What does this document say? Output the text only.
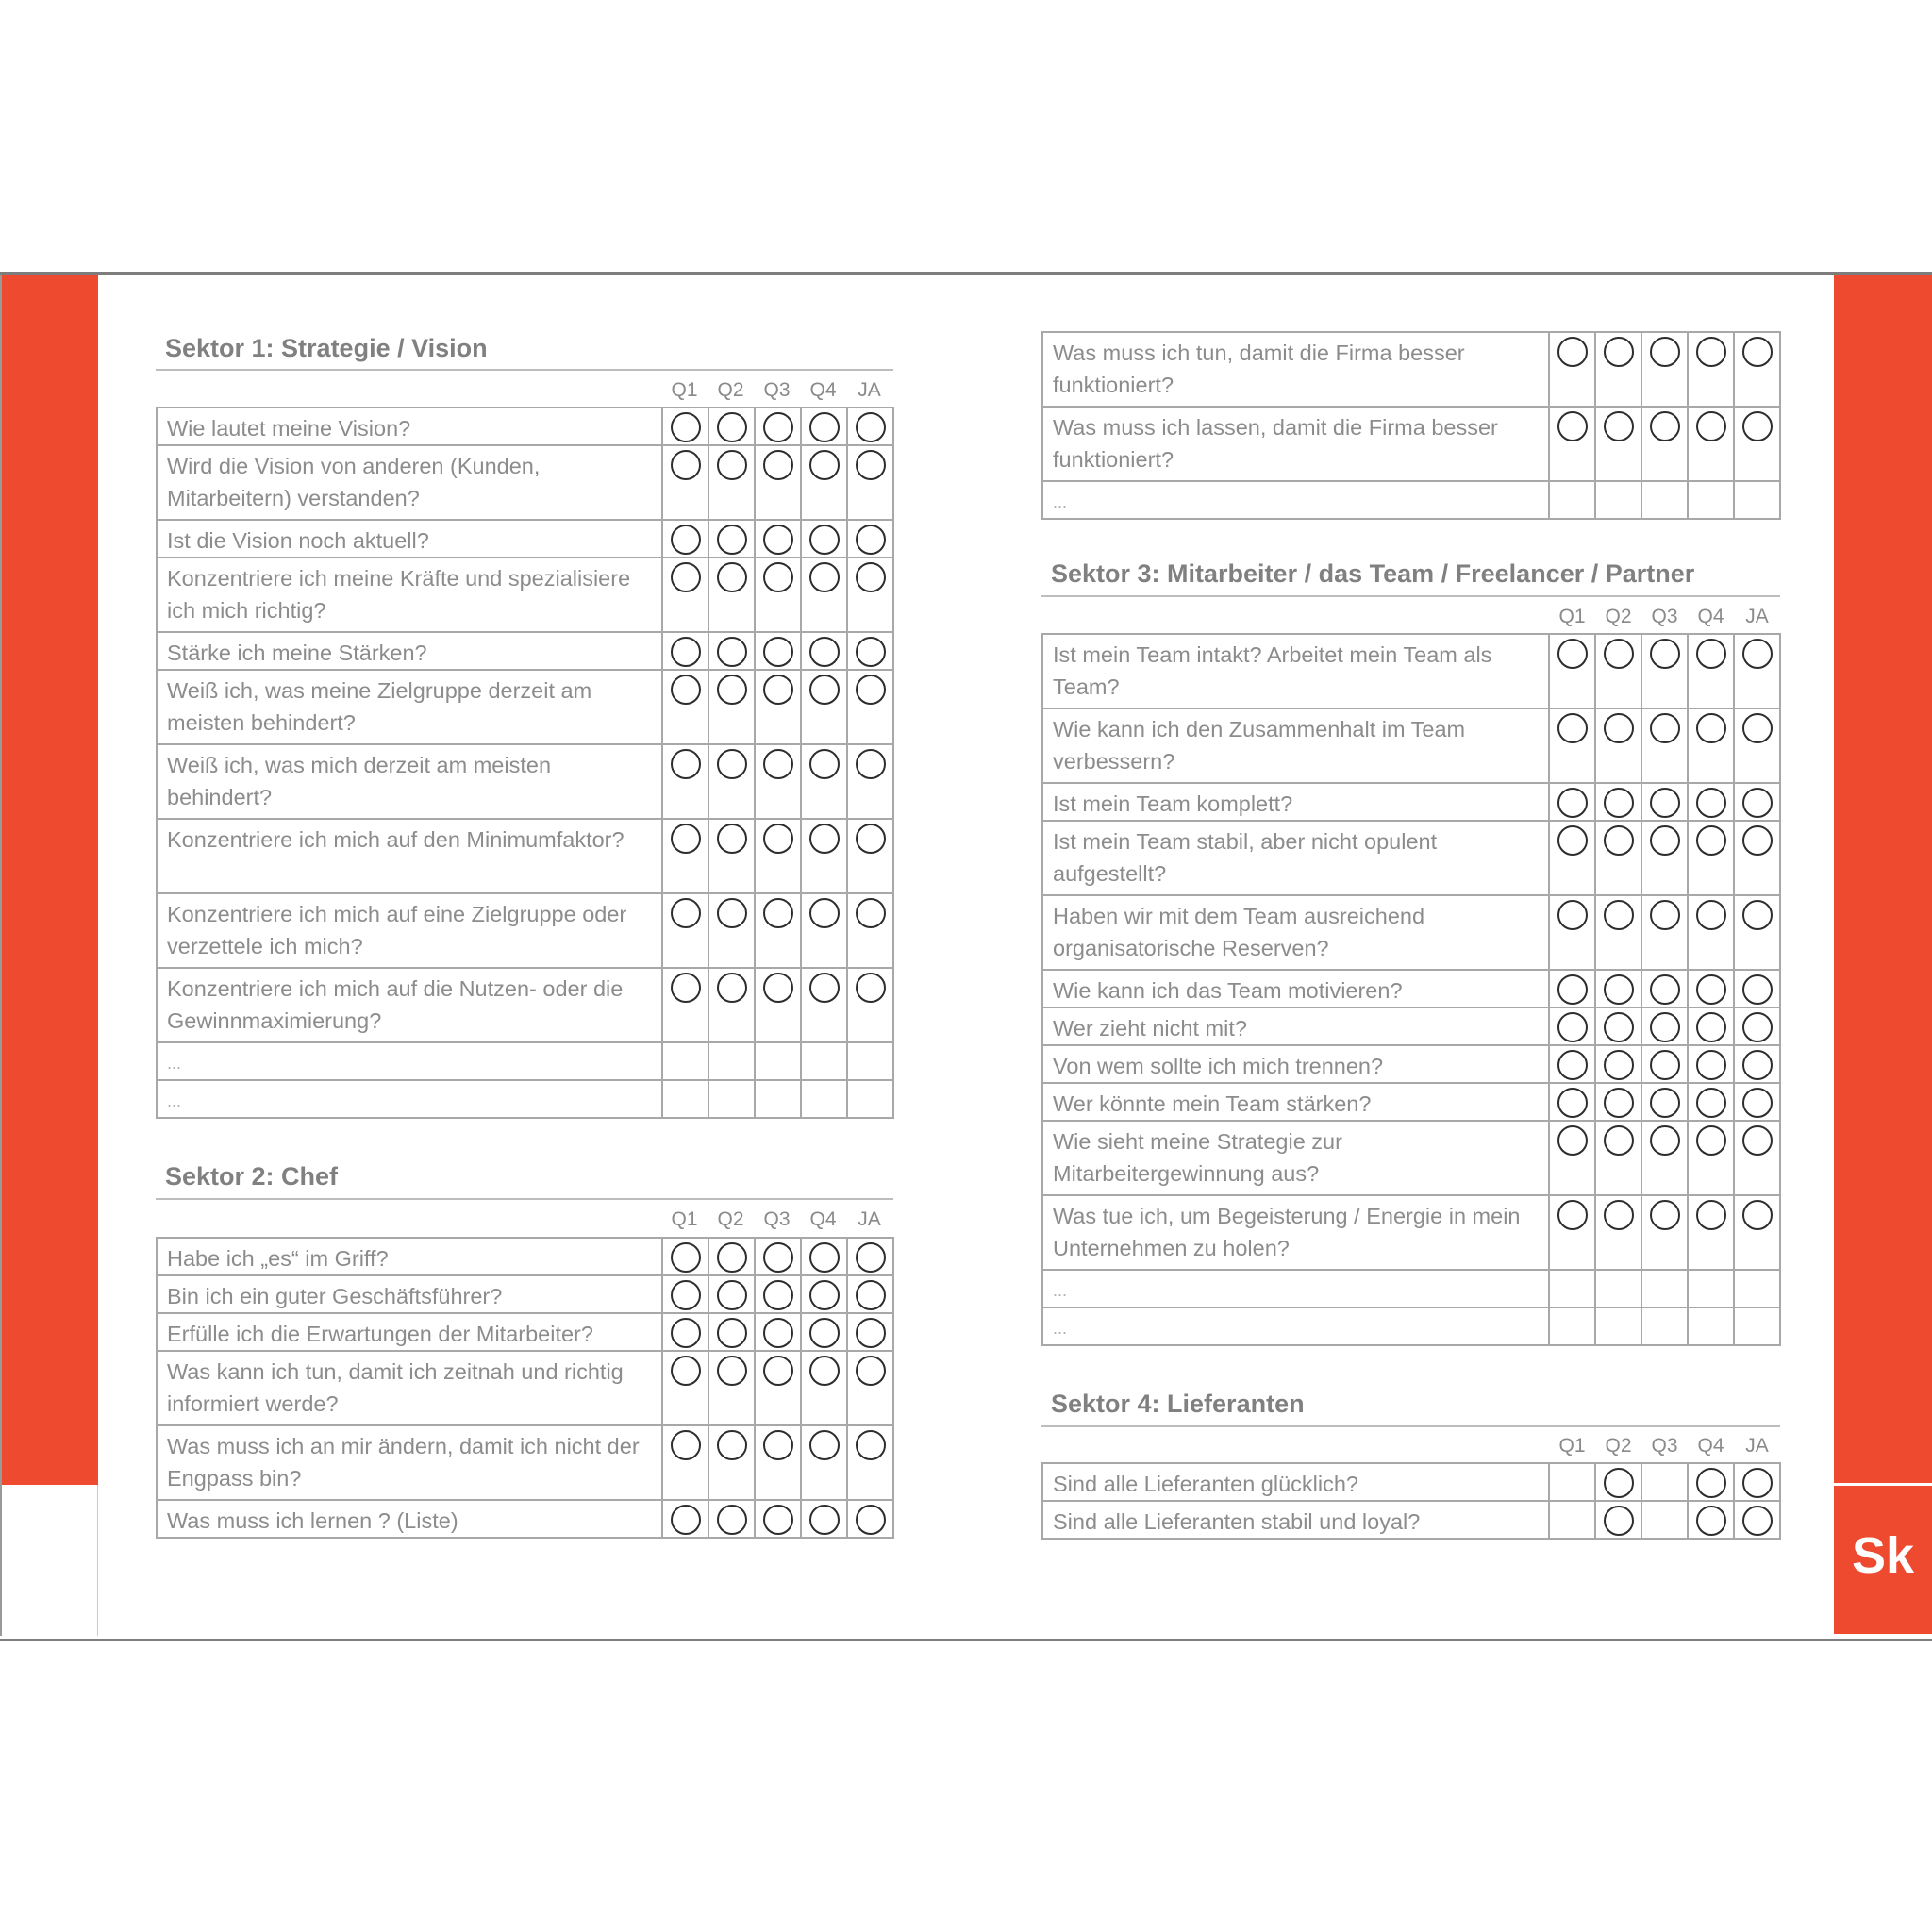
Sk
Sektor 1: Strategie / Vision
Q1 Q2 Q3 Q4	JA
Wie lautet meine Vision?	

Wird die Vision von anderen (Kunden, Mitarbeitern) verstanden?	

Ist die Vision noch aktuell?	

Konzentriere ich meine Kräfte und spezialisiere ich mich richtig?	

Stärke ich meine Stärken?	

Weiß ich, was meine Zielgruppe derzeit am meisten behindert?	

Weiß ich, was mich derzeit am meisten behindert?	

Konzentriere ich mich auf den Minimumfaktor?	

Konzentriere ich mich auf eine Zielgruppe oder verzettele ich mich?	

Konzentriere ich mich auf die Nutzen- oder die Gewinnmaximierung?	

...					
...					
Sektor 2: Chef
Q1 Q2 Q3 Q4	JA
Habe ich „es“ im Griff?	

Bin ich ein guter Geschäftsführer?	

Erfülle ich die Erwartungen der Mitarbeiter?	

Was kann ich tun, damit ich zeitnah und richtig informiert werde?	

Was muss ich an mir ändern, damit ich nicht der Engpass bin?	

Was muss ich lernen ? (Liste)	

Was muss ich tun, damit die Firma besser funktioniert?	

Was muss ich lassen, damit die Firma besser funktioniert?	

...					
Sektor 3: Mitarbeiter / das Team / Freelancer / Partner
Q1 Q2 Q3 Q4	JA
Ist mein Team intakt? Arbeitet mein Team als Team?	

Wie kann ich den Zusammenhalt im Team verbessern?	

Ist mein Team komplett?	

Ist mein Team stabil, aber nicht opulent aufgestellt?	

Haben wir mit dem Team ausreichend organisatorische Reserven?	

Wie kann ich das Team motivieren?	

Wer zieht nicht mit?	

Von wem sollte ich mich trennen?	

Wer könnte mein Team stärken?	

Wie sieht meine Strategie zur Mitarbeitergewinnung aus?	

Was tue ich, um Begeisterung / Energie in mein Unternehmen zu holen?	

...					
...					
Sektor 4: Lieferanten
Q1 Q2 Q3 Q4	JA
Sind alle Lieferanten glücklich?		

Sind alle Lieferanten stabil und loyal?		
